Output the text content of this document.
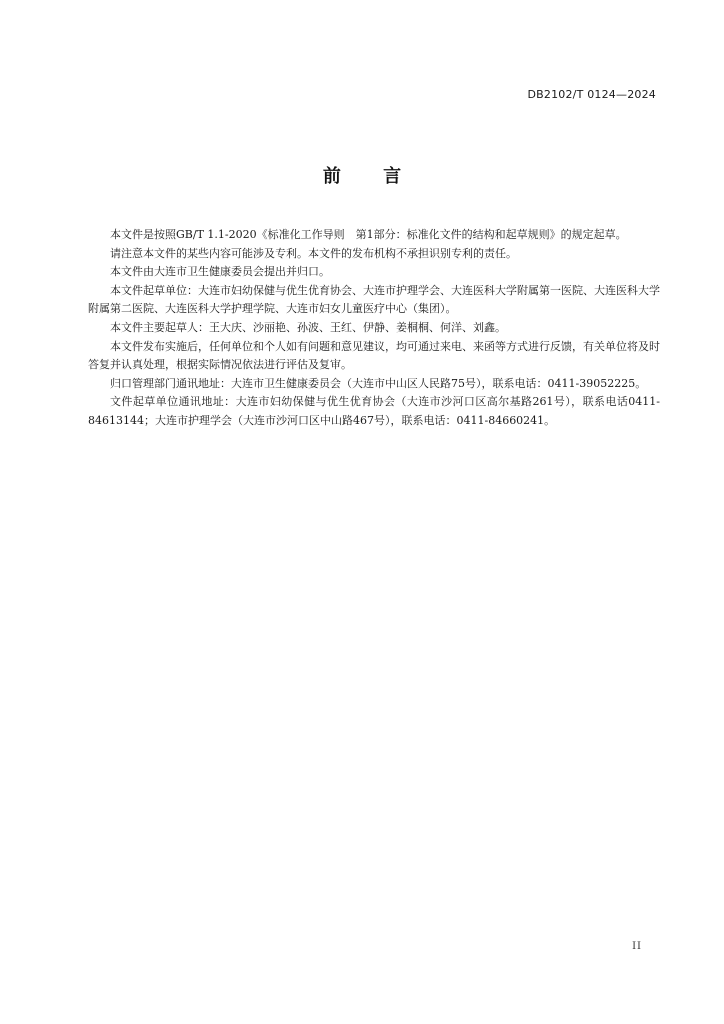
DB2102/T 0124—2024
前 言

本文件是按照GB/T 1.1-2020《标准化工作导则　第1部分：标准化文件的结构和起草规则》的规定起草。

请注意本文件的某些内容可能涉及专利。本文件的发布机构不承担识别专利的责任。

本文件由大连市卫生健康委员会提出并归口。

本文件起草单位：大连市妇幼保健与优生优育协会、大连市护理学会、大连医科大学附属第一医院、大连医科大学附属第二医院、大连医科大学护理学院、大连市妇女儿童医疗中心（集团）。

本文件主要起草人：王大庆、沙丽艳、孙波、王红、伊静、姜桐桐、何洋、刘鑫。

本文件发布实施后，任何单位和个人如有问题和意见建议，均可通过来电、来函等方式进行反馈，有关单位将及时答复并认真处理，根据实际情况依法进行评估及复审。

归口管理部门通讯地址：大连市卫生健康委员会（大连市中山区人民路75号），联系电话：0411-39052225。

文件起草单位通讯地址：大连市妇幼保健与优生优育协会（大连市沙河口区高尔基路261号），联系电话0411-84613144；大连市护理学会（大连市沙河口区中山路467号），联系电话：0411-84660241。

II
